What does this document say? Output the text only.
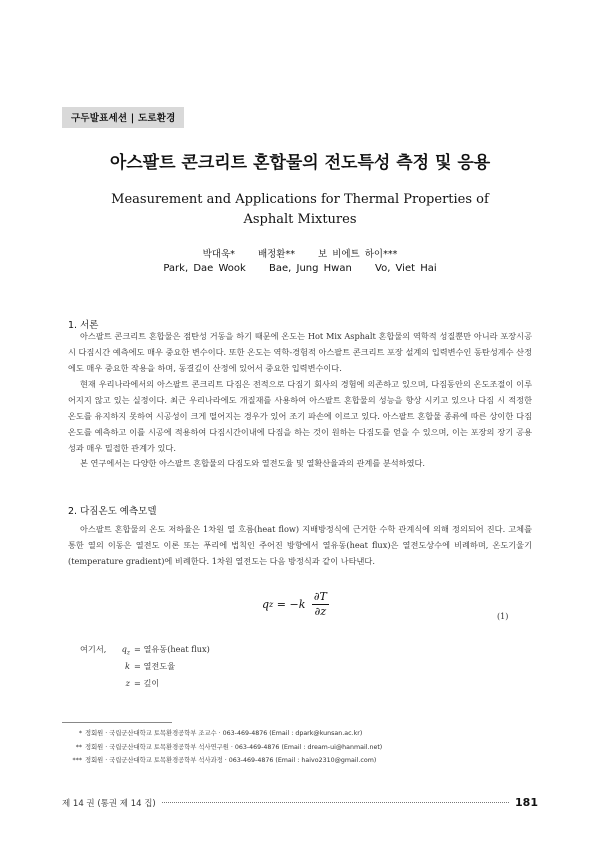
구두발표세션 | 도로환경
아스팔트 콘크리트 혼합물의 전도특성 측정 및 응용
Measurement and Applications for Thermal Properties of
Asphalt Mixtures
박대욱* 배정환** 보 비에트 하이***
Park, Dae Wook Bae, Jung Hwan Vo, Viet Hai
1. 서론

아스팔트 콘크리트 혼합물은 점탄성 거동을 하기 때문에 온도는 Hot Mix Asphalt 혼합물의 역학적 성질뿐만 아니라 포장시공 시 다짐시간 예측에도 매우 중요한 변수이다. 또한 온도는 역학-경험적 아스팔트 콘크리트 포장 설계의 입력변수인 동탄성계수 산정에도 매우 중요한 작용을 하며, 동결깊이 산정에 있어서 중요한 입력변수이다.

현재 우리나라에서의 아스팔트 콘크리트 다짐은 전적으로 다짐기 회사의 경험에 의존하고 있으며, 다짐동안의 온도조절이 이루어지지 않고 있는 실정이다. 최근 우리나라에도 개질재를 사용하여 아스팔트 혼합물의 성능을 향상 시키고 있으나 다짐 시 적정한 온도를 유지하지 못하여 시공성이 크게 떨어지는 경우가 있어 조기 파손에 이르고 있다. 아스팔트 혼합물 종류에 따른 상이한 다짐온도를 예측하고 이를 시공에 적용하여 다짐시간이내에 다짐을 하는 것이 원하는 다짐도를 얻을 수 있으며, 이는 포장의 장기 공용성과 매우 밀접한 관계가 있다.

본 연구에서는 다양한 아스팔트 혼합물의 다짐도와 열전도율 및 열확산율과의 관계를 분석하였다.

2. 다짐온도 예측모델

아스팔트 혼합물의 온도 저하율은 1차원 열 흐름(heat flow) 지배방정식에 근거한 수학 관계식에 의해 정의되어 진다. 고체를 통한 열의 이동은 열전도 이론 또는 푸리에 법칙인 주어진 방향에서 열유동(heat flux)은 열전도상수에 비례하며, 온도기울기(temperature gradient)에 비례한다. 1차원 열전도는 다음 방정식과 같이 나타낸다.

q $z = -k \frac{\partial T}{\partial z}$	(1)
여기서,	$q_z$ = 열유동(heat flux)
k = 열전도율
z = 깊이
* 정회원 · 국립군산대학교 토목환경공학부 조교수 · 063-469-4876 (Email : dpark@kunsan.ac.kr)
** 정회원 · 국립군산대학교 토목환경공학부 석사연구원 · 063-469-4876 (Email : dream-ui@hanmail.net)
*** 정회원 · 국립군산대학교 토목환경공학부 석사과정 · 063-469-4876 (Email : haivo2310@gmail.com)
제 14 권 (통권 제 14 집)	181
